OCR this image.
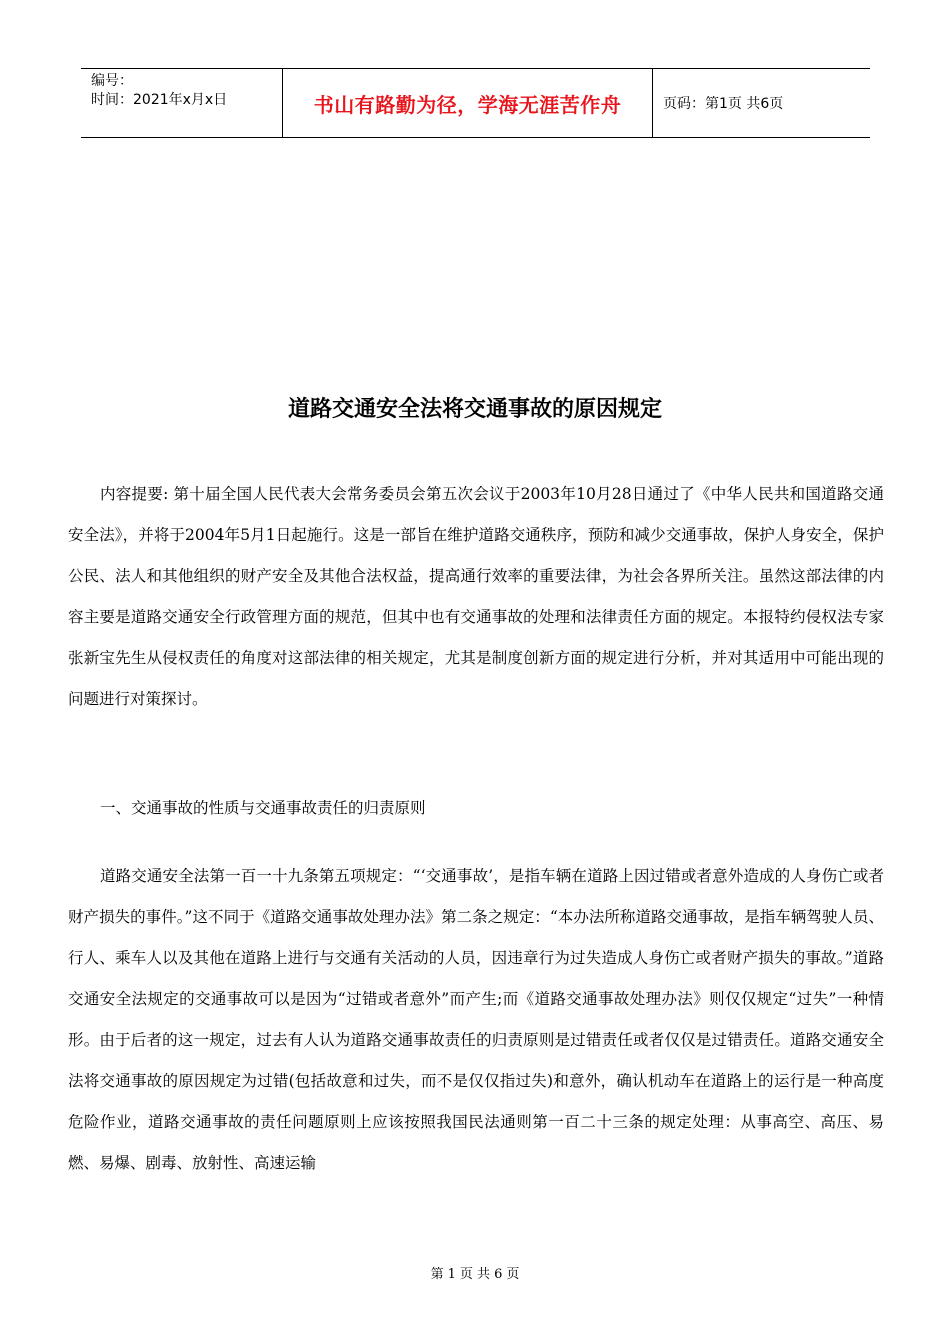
编号：
时间：2021年x月x日	书山有路勤为径，学海无涯苦作舟	页码：第1页 共6页
道路交通安全法将交通事故的原因规定

内容提要: 第十届全国人民代表大会常务委员会第五次会议于2003年10月28日通过了《中华人民共和国道路交通安全法》，并将于2004年5月1日起施行。这是一部旨在维护道路交通秩序，预防和减少交通事故，保护人身安全，保护公民、法人和其他组织的财产安全及其他合法权益，提高通行效率的重要法律，为社会各界所关注。虽然这部法律的内容主要是道路交通安全行政管理方面的规范，但其中也有交通事故的处理和法律责任方面的规定。本报特约侵权法专家张新宝先生从侵权责任的角度对这部法律的相关规定，尤其是制度创新方面的规定进行分析，并对其适用中可能出现的问题进行对策探讨。

一、交通事故的性质与交通事故责任的归责原则

道路交通安全法第一百一十九条第五项规定：“‘交通事故’，是指车辆在道路上因过错或者意外造成的人身伤亡或者财产损失的事件。”这不同于《道路交通事故处理办法》第二条之规定：“本办法所称道路交通事故，是指车辆驾驶人员、行人、乘车人以及其他在道路上进行与交通有关活动的人员，因违章行为过失造成人身伤亡或者财产损失的事故。”道路交通安全法规定的交通事故可以是因为“过错或者意外”而产生;而《道路交通事故处理办法》则仅仅规定“过失”一种情形。由于后者的这一规定，过去有人认为道路交通事故责任的归责原则是过错责任或者仅仅是过错责任。道路交通安全法将交通事故的原因规定为过错(包括故意和过失，而不是仅仅指过失)和意外，确认机动车在道路上的运行是一种高度危险作业，道路交通事故的责任问题原则上应该按照我国民法通则第一百二十三条的规定处理：从事高空、高压、易燃、易爆、剧毒、放射性、高速运输

第 1 页 共 6 页
